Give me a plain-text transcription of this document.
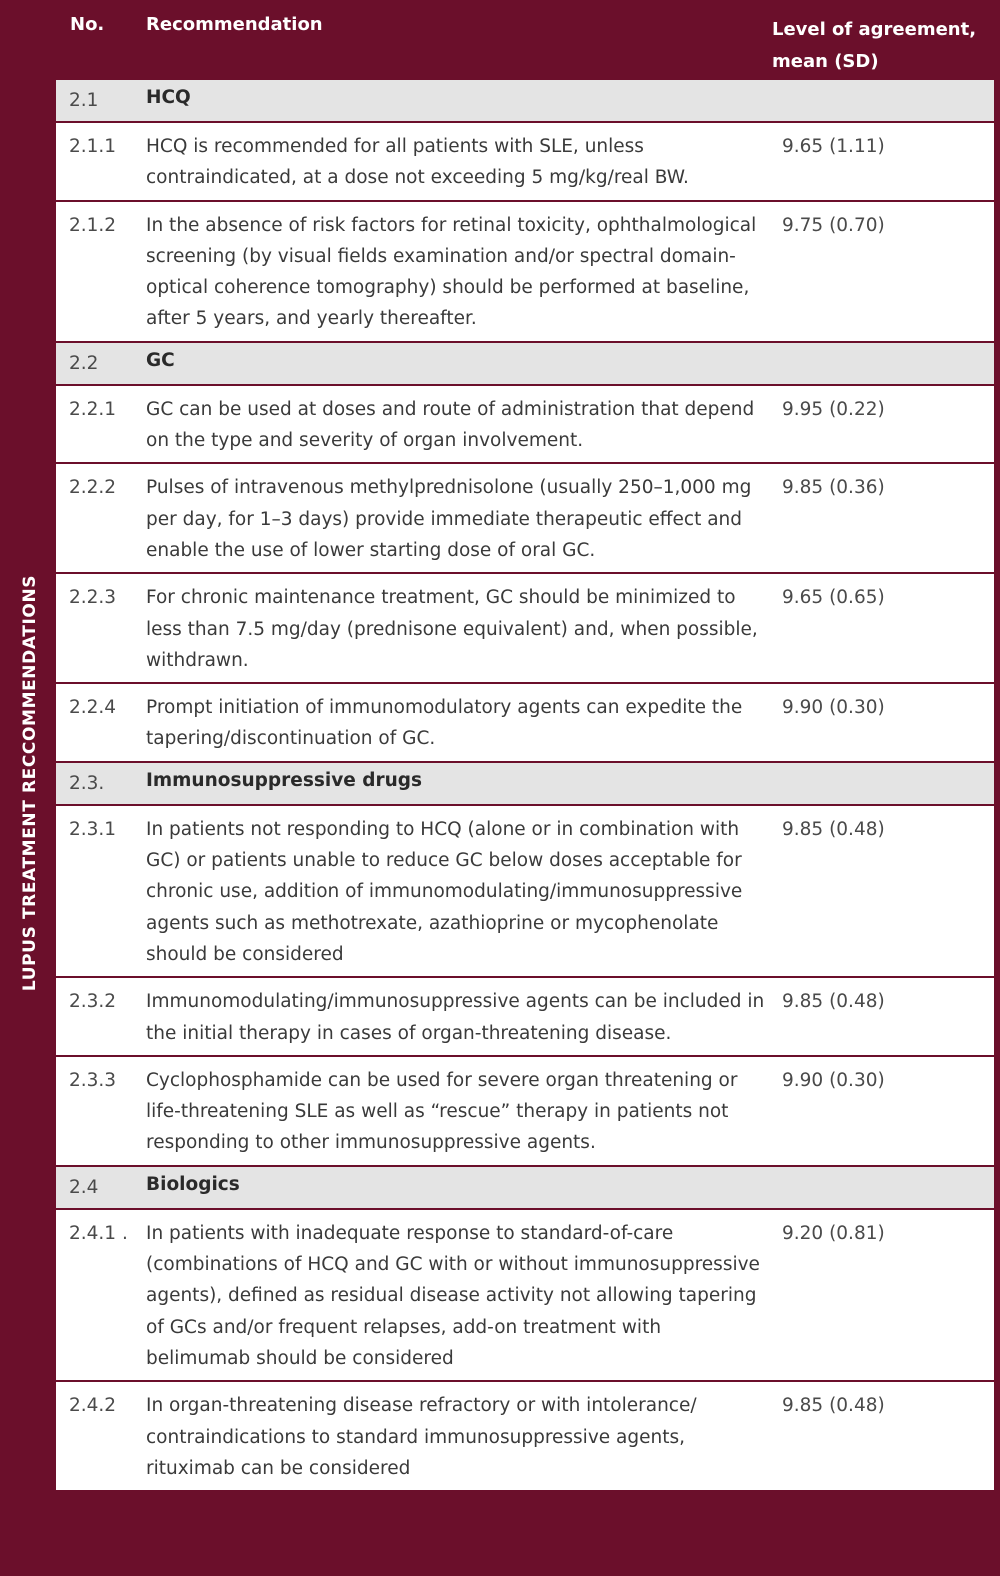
LUPUS TREATMENT RECCOMMENDATIONS
No. Recommendation	Level of agreement,
mean (SD)
2.1	HCQ
2.1.1	HCQ is recommended for all patients with SLE, unless contraindicated, at a dose not exceeding 5 mg/kg/real BW.
9.65 (1.11)
2.1.2	In the absence of risk factors for retinal toxicity, ophthalmological screening (by visual fields examination and/or spectral domain-optical coherence tomography) should be performed at baseline, after 5 years, and yearly thereafter.
9.75 (0.70)
2.2	GC
2.2.1	GC can be used at doses and route of administration that depend on the type and severity of organ involvement.
9.95 (0.22)
2.2.2	Pulses of intravenous methylprednisolone (usually 250–1,000 mg per day, for 1–3 days) provide immediate therapeutic effect and enable the use of lower starting dose of oral GC.
9.85 (0.36)
2.2.3	For chronic maintenance treatment, GC should be minimized to less than 7.5 mg/day (prednisone equivalent) and, when possible, withdrawn.
9.65 (0.65)
2.2.4	Prompt initiation of immunomodulatory agents can expedite the tapering/discontinuation of GC.
9.90 (0.30)
2.3.	Immunosuppressive drugs
2.3.1	In patients not responding to HCQ (alone or in combination with GC) or patients unable to reduce GC below doses acceptable for chronic use, addition of immunomodulating/immunosuppressive agents such as methotrexate, azathioprine or mycophenolate should be considered
9.85 (0.48)
2.3.2	Immunomodulating/immunosuppressive agents can be included in the initial therapy in cases of organ-threatening disease.
9.85 (0.48)
2.3.3	Cyclophosphamide can be used for severe organ threatening or life-threatening SLE as well as “rescue” therapy in patients not responding to other immunosuppressive agents.
9.90 (0.30)
2.4	Biologics
2.4.1 . In patients with inadequate response to standard-of-care (combinations of HCQ and GC with or without immunosuppressive agents), defined as residual disease activity not allowing tapering of GCs and/or frequent relapses, add-on treatment with belimumab should be considered
9.20 (0.81)
2.4.2	In organ-threatening disease refractory or with intolerance/ contraindications to standard immunosuppressive agents, rituximab can be considered
9.85 (0.48)
